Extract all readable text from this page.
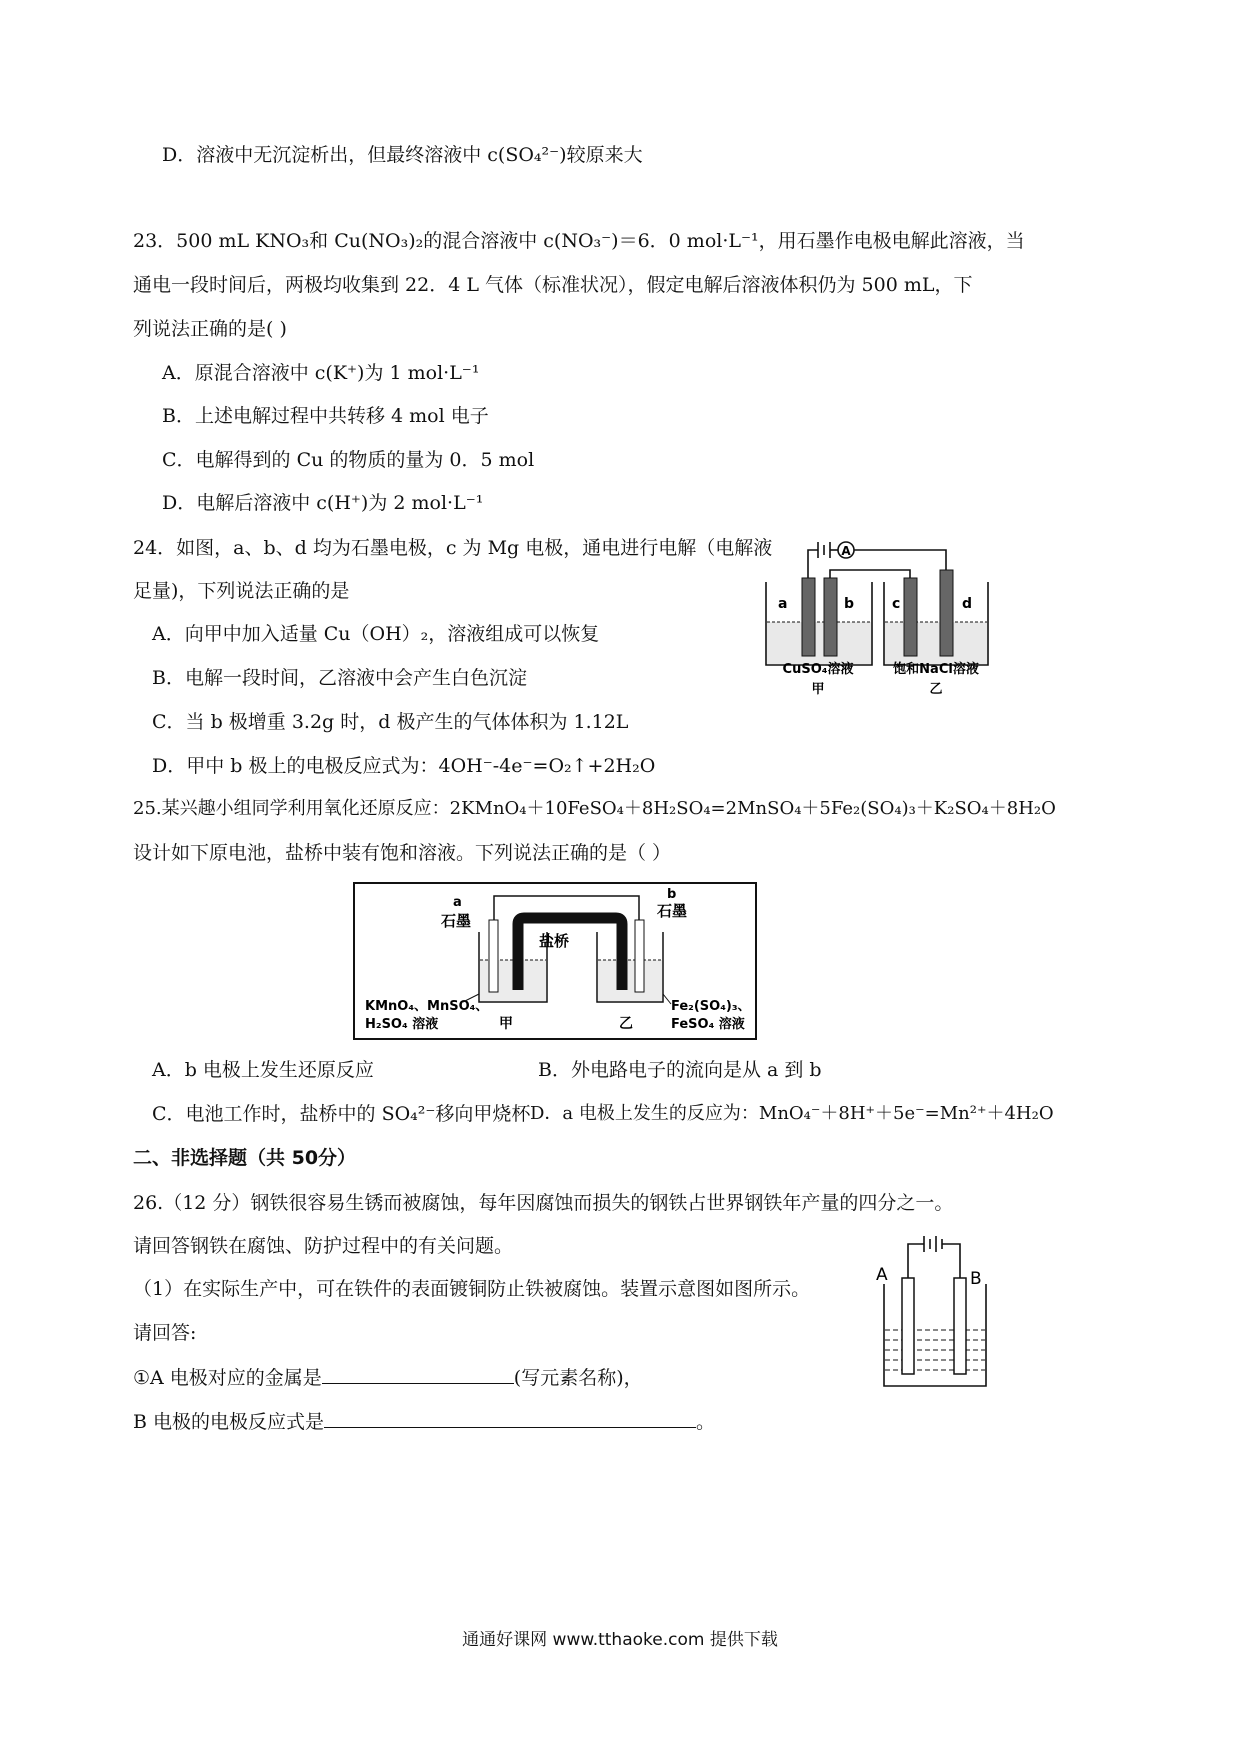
D．溶液中无沉淀析出，但最终溶液中 c(SO₄²⁻)较原来大
23．500 mL KNO₃和 Cu(NO₃)₂的混合溶液中 c(NO₃⁻)＝6．0 mol·L⁻¹，用石墨作电极电解此溶液，当
通电一段时间后，两极均收集到 22．4 L 气体（标准状况），假定电解后溶液体积仍为 500 mL，下
列说法正确的是( )
A．原混合溶液中 c(K⁺)为 1 mol·L⁻¹
B．上述电解过程中共转移 4 mol 电子
C．电解得到的 Cu 的物质的量为 0．5 mol
D．电解后溶液中 c(H⁺)为 2 mol·L⁻¹
24．如图，a、b、d 均为石墨电极，c 为 Mg 电极，通电进行电解（电解液
足量)，下列说法正确的是
A．向甲中加入适量 Cu（OH）₂，溶液组成可以恢复
B．电解一段时间，乙溶液中会产生白色沉淀
C．当 b 极增重 3.2g 时，d 极产生的气体体积为 1.12L
D．甲中 b 极上的电极反应式为：4OH⁻-4e⁻=O₂↑+2H₂O
A
a	b	c	d
CuSO₄溶液
甲
饱和NaCl溶液
乙
25.某兴趣小组同学利用氧化还原反应：2KMnO₄＋10FeSO₄＋8H₂SO₄=2MnSO₄＋5Fe₂(SO₄)₃＋K₂SO₄＋8H₂O
设计如下原电池，盐桥中装有饱和溶液。下列说法正确的是（ ）
a
石墨
b
石墨
盐桥
KMnO₄、MnSO₄、
H₂SO₄ 溶液	甲	乙
Fe₂(SO₄)₃、
FeSO₄ 溶液
A．b 电极上发生还原反应	B．外电路电子的流向是从 a 到 b
C．电池工作时，盐桥中的 SO₄²⁻移向甲烧杯 D．a 电极上发生的反应为：MnO₄⁻＋8H⁺＋5e⁻=Mn²⁺＋4H₂O
二、非选择题（共 50分）
26.（12 分）钢铁很容易生锈而被腐蚀，每年因腐蚀而损失的钢铁占世界钢铁年产量的四分之一。
请回答钢铁在腐蚀、防护过程中的有关问题。
（1）在实际生产中，可在铁件的表面镀铜防止铁被腐蚀。装置示意图如图所示。
请回答:
①A 电极对应的金属是	(写元素名称)，
B 电极的电极反应式是	。
A	B
通通好课网 www.tthaoke.com 提供下载
